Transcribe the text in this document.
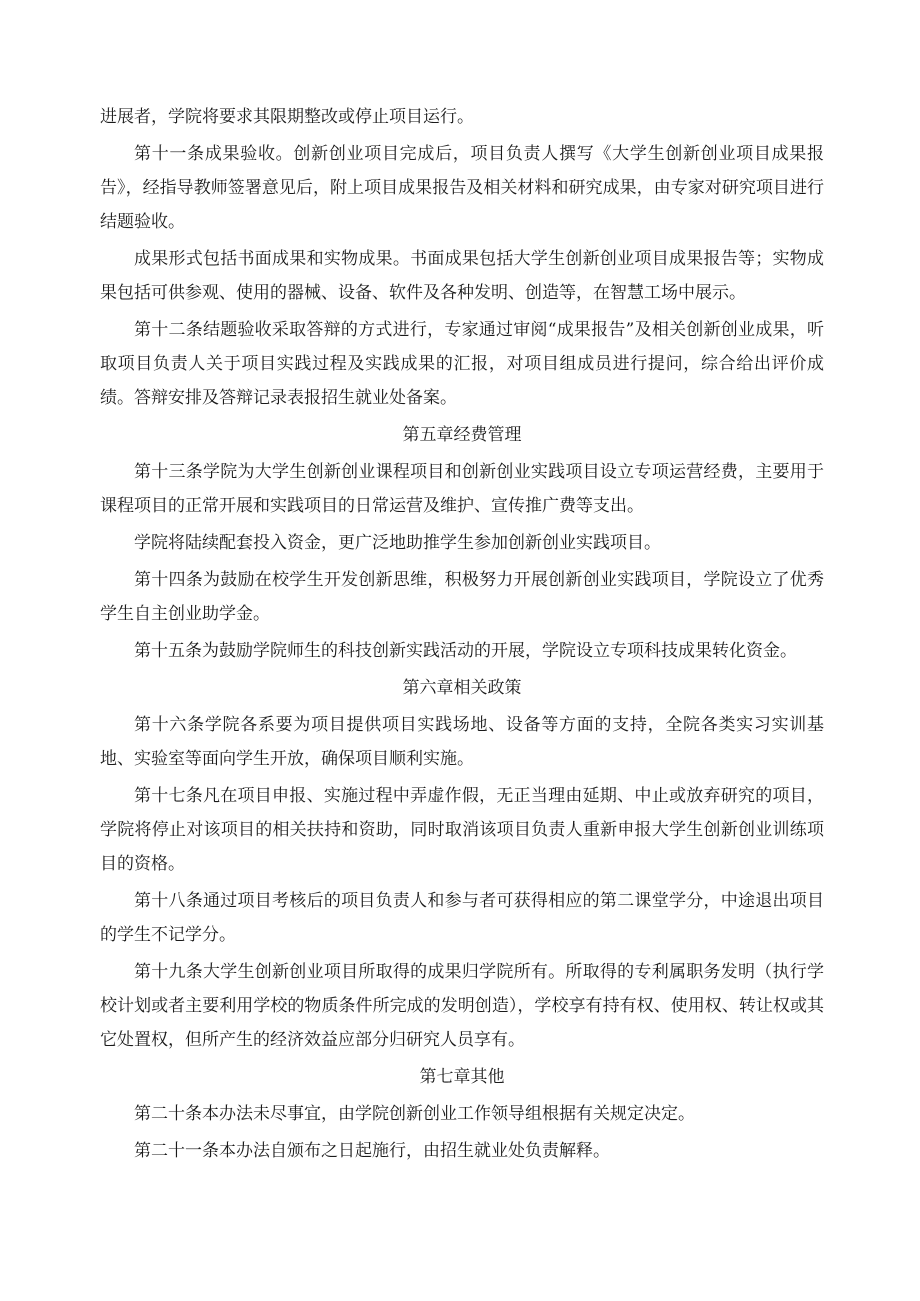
进展者，学院将要求其限期整改或停止项目运行。

第十一条成果验收。创新创业项目完成后，项目负责人撰写《大学生创新创业项目成果报告》，经指导教师签署意见后，附上项目成果报告及相关材料和研究成果，由专家对研究项目进行结题验收。

成果形式包括书面成果和实物成果。书面成果包括大学生创新创业项目成果报告等；实物成果包括可供参观、使用的器械、设备、软件及各种发明、创造等，在智慧工场中展示。

第十二条结题验收采取答辩的方式进行，专家通过审阅“成果报告”及相关创新创业成果，听取项目负责人关于项目实践过程及实践成果的汇报，对项目组成员进行提问，综合给出评价成绩。答辩安排及答辩记录表报招生就业处备案。

第五章经费管理

第十三条学院为大学生创新创业课程项目和创新创业实践项目设立专项运营经费，主要用于课程项目的正常开展和实践项目的日常运营及维护、宣传推广费等支出。

学院将陆续配套投入资金，更广泛地助推学生参加创新创业实践项目。

第十四条为鼓励在校学生开发创新思维，积极努力开展创新创业实践项目，学院设立了优秀学生自主创业助学金。

第十五条为鼓励学院师生的科技创新实践活动的开展，学院设立专项科技成果转化资金。

第六章相关政策

第十六条学院各系要为项目提供项目实践场地、设备等方面的支持，全院各类实习实训基地、实验室等面向学生开放，确保项目顺利实施。

第十七条凡在项目申报、实施过程中弄虚作假，无正当理由延期、中止或放弃研究的项目，学院将停止对该项目的相关扶持和资助，同时取消该项目负责人重新申报大学生创新创业训练项目的资格。

第十八条通过项目考核后的项目负责人和参与者可获得相应的第二课堂学分，中途退出项目的学生不记学分。

第十九条大学生创新创业项目所取得的成果归学院所有。所取得的专利属职务发明（执行学校计划或者主要利用学校的物质条件所完成的发明创造），学校享有持有权、使用权、转让权或其它处置权，但所产生的经济效益应部分归研究人员享有。

第七章其他

第二十条本办法未尽事宜，由学院创新创业工作领导组根据有关规定决定。

第二十一条本办法自颁布之日起施行，由招生就业处负责解释。
